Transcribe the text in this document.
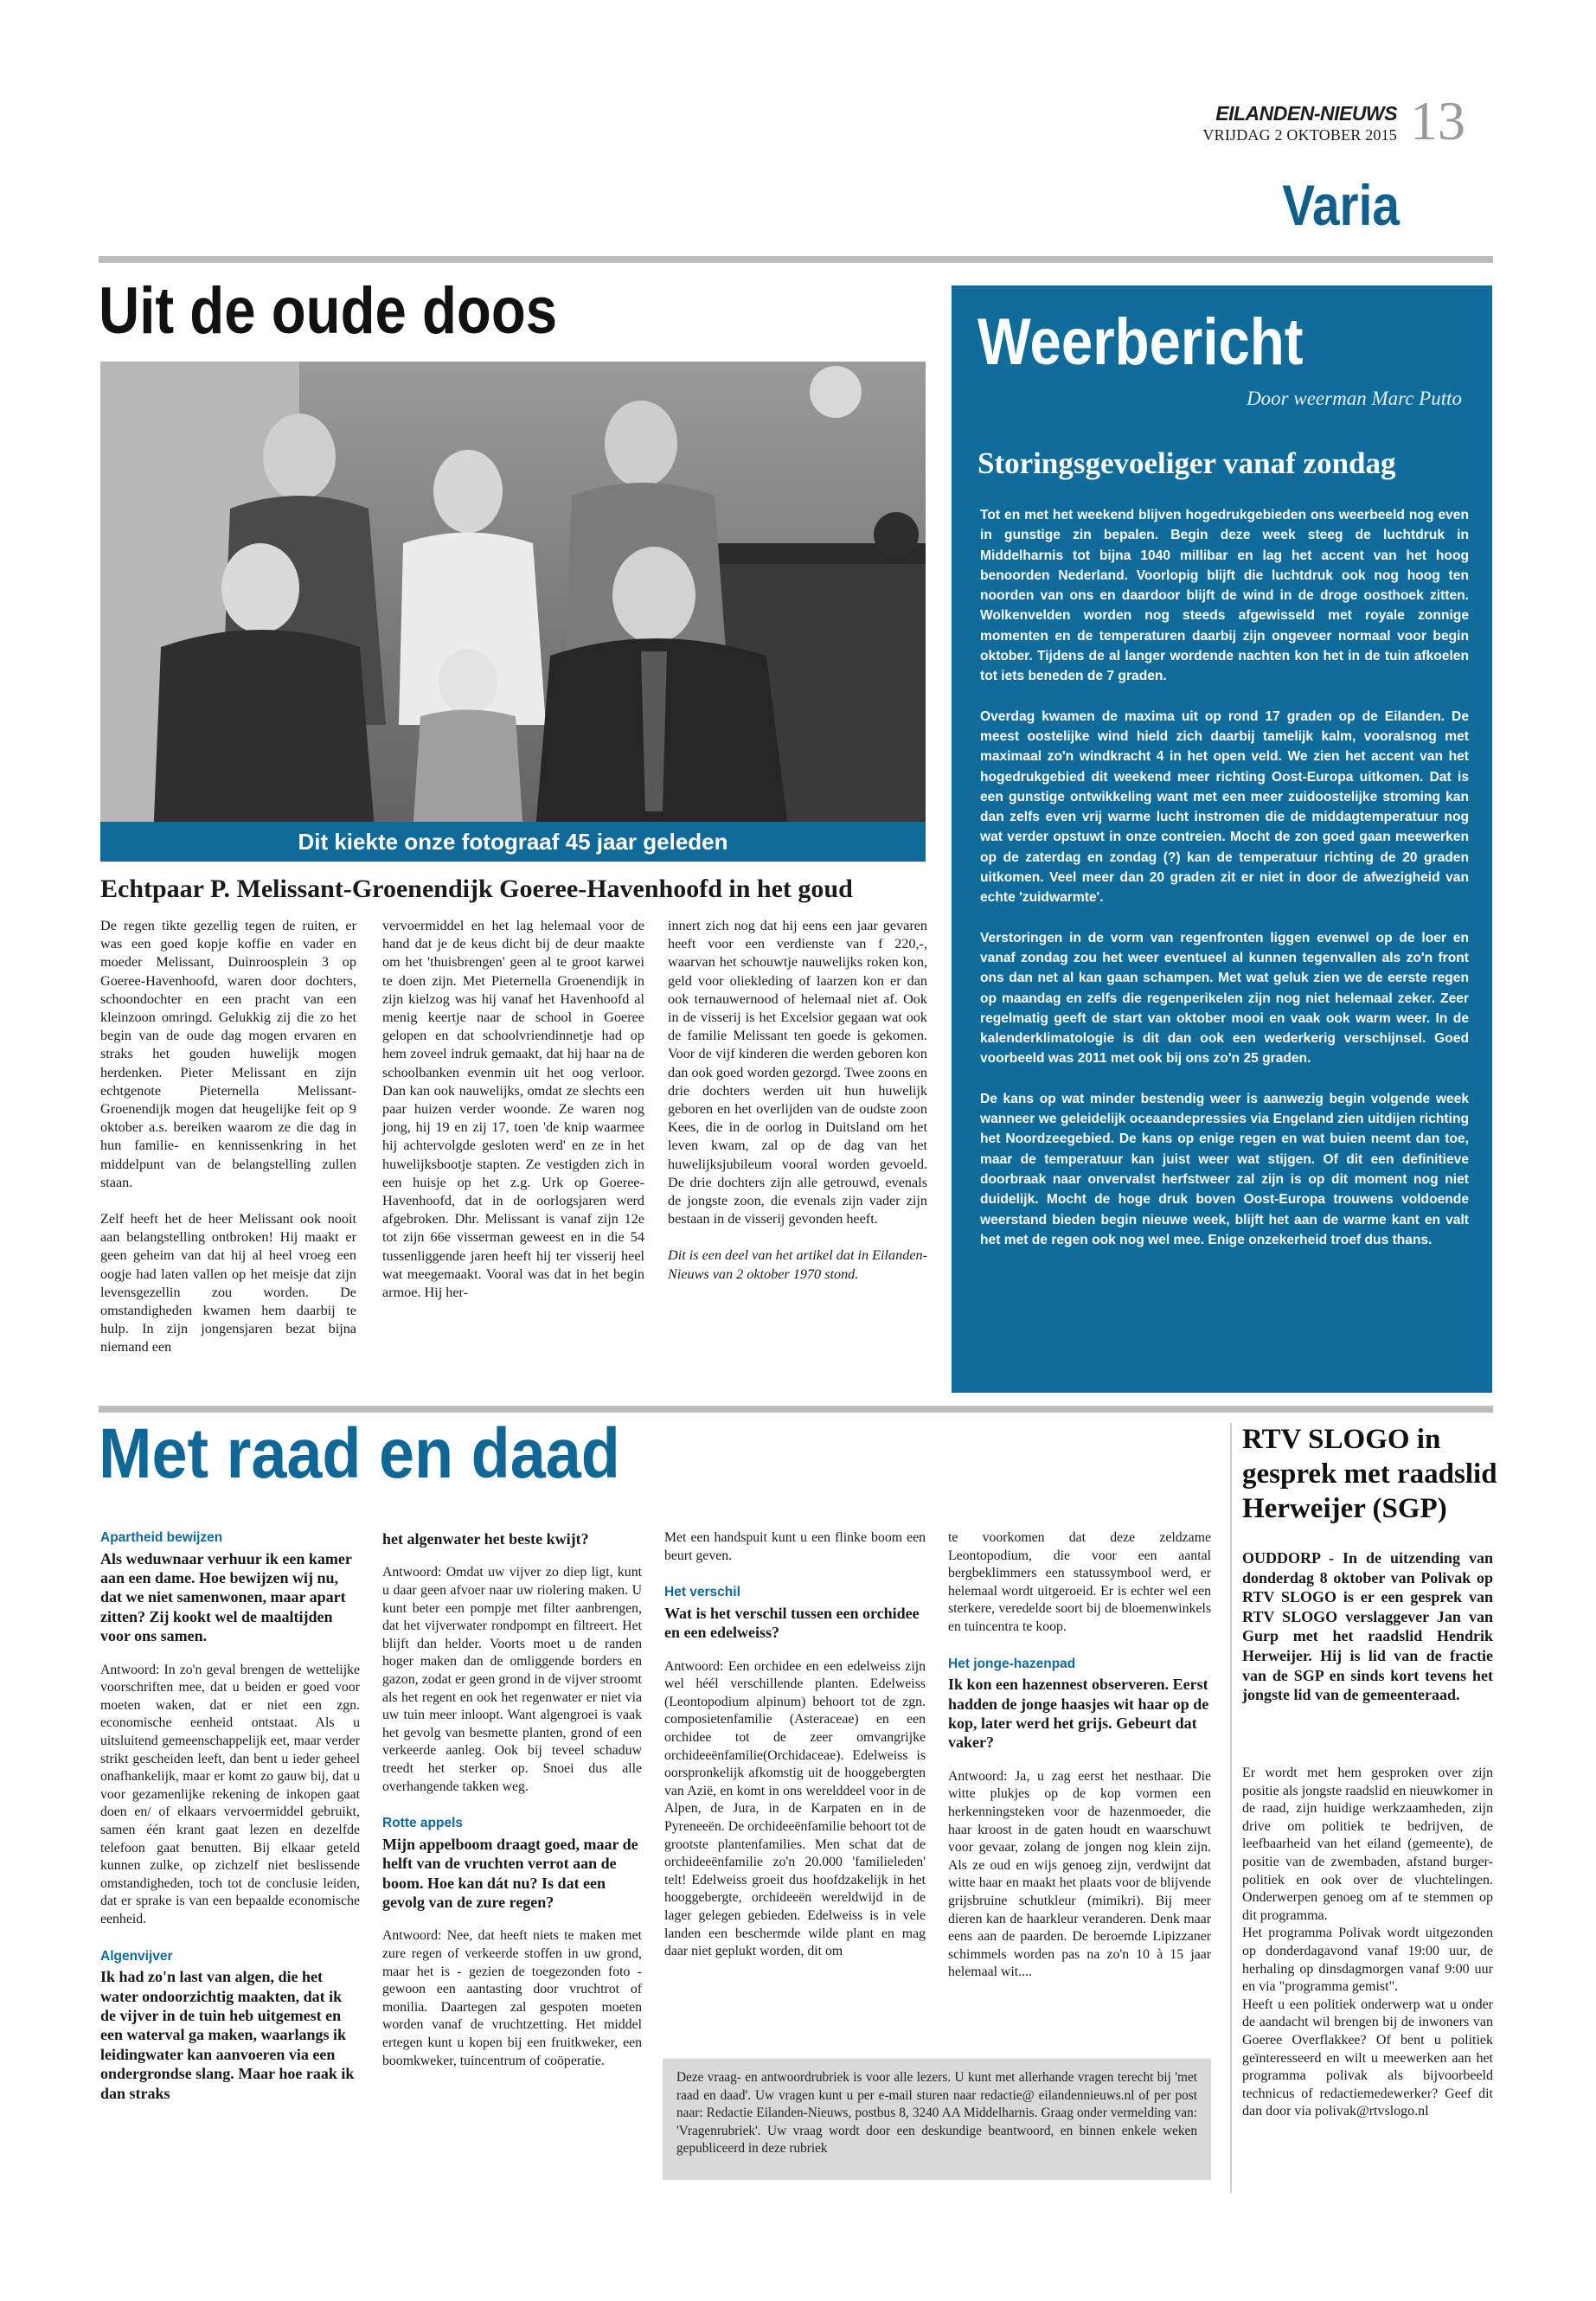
EILANDEN-NIEUWS
VRIJDAG 2 OKTOBER 2015 13
Varia
Uit de oude doos
Dit kiekte onze fotograaf 45 jaar geleden
Echtpaar P. Melissant-Groenendijk Goeree-Havenhoofd in het goud

De regen tikte gezellig tegen de ruiten, er was een goed kopje koffie en vader en moeder Melissant, Duinroosplein 3 op Goeree-Havenhoofd, waren door dochters, schoondochter en een pracht van een kleinzoon omringd. Gelukkig zij die zo het begin van de oude dag mogen ervaren en straks het gouden huwelijk mogen herdenken. Pieter Melissant en zijn echtgenote Pieternella Melissant-Groenendijk mogen dat heugelijke feit op 9 oktober a.s. bereiken waarom ze die dag in hun familie- en kennissenkring in het middelpunt van de belangstelling zullen staan.

Zelf heeft het de heer Melissant ook nooit aan belangstelling ontbroken! Hij maakt er geen geheim van dat hij al heel vroeg een oogje had laten vallen op het meisje dat zijn levensgezellin zou worden. De omstandigheden kwamen hem daarbij te hulp. In zijn jongensjaren bezat bijna niemand een

vervoermiddel en het lag helemaal voor de hand dat je de keus dicht bij de deur maakte om het 'thuisbrengen' geen al te groot karwei te doen zijn. Met Pieternella Groenendijk in zijn kielzog was hij vanaf het Havenhoofd al menig keertje naar de school in Goeree gelopen en dat schoolvriendinnetje had op hem zoveel indruk gemaakt, dat hij haar na de schoolbanken evenmin uit het oog verloor. Dan kan ook nauwelijks, omdat ze slechts een paar huizen verder woonde. Ze waren nog jong, hij 19 en zij 17, toen 'de knip waarmee hij achtervolgde gesloten werd' en ze in het huwelijksbootje stapten. Ze vestigden zich in een huisje op het z.g. Urk op Goeree-Havenhoofd, dat in de oorlogsjaren werd afgebroken. Dhr. Melissant is vanaf zijn 12e tot zijn 66e visserman geweest en in die 54 tussenliggende jaren heeft hij ter visserij heel wat meegemaakt. Vooral was dat in het begin armoe. Hij her-

innert zich nog dat hij eens een jaar gevaren heeft voor een verdienste van f 220,-, waarvan het schouwtje nauwelijks roken kon, geld voor oliekleding of laarzen kon er dan ook ternauwernood of helemaal niet af. Ook in de visserij is het Excelsior gegaan wat ook de familie Melissant ten goede is gekomen. Voor de vijf kinderen die werden geboren kon dan ook goed worden gezorgd. Twee zoons en drie dochters werden uit hun huwelijk geboren en het overlijden van de oudste zoon Kees, die in de oorlog in Duitsland om het leven kwam, zal op de dag van het huwelijksjubileum vooral worden gevoeld. De drie dochters zijn alle getrouwd, evenals de jongste zoon, die evenals zijn vader zijn bestaan in de visserij gevonden heeft.

Dit is een deel van het artikel dat in Eilanden-Nieuws van 2 oktober 1970 stond.

Weerbericht
Door weerman Marc Putto
Storingsgevoeliger vanaf zondag

Tot en met het weekend blijven hogedrukgebieden ons weerbeeld nog even in gunstige zin bepalen. Begin deze week steeg de luchtdruk in Middelharnis tot bijna 1040 millibar en lag het accent van het hoog benoorden Nederland. Voorlopig blijft die luchtdruk ook nog hoog ten noorden van ons en daardoor blijft de wind in de droge oosthoek zitten. Wolkenvelden worden nog steeds afgewisseld met royale zonnige momenten en de temperaturen daarbij zijn ongeveer normaal voor begin oktober. Tijdens de al langer wordende nachten kon het in de tuin afkoelen tot iets beneden de 7 graden.

Overdag kwamen de maxima uit op rond 17 graden op de Eilanden. De meest oostelijke wind hield zich daarbij tamelijk kalm, vooralsnog met maximaal zo'n windkracht 4 in het open veld. We zien het accent van het hogedrukgebied dit weekend meer richting Oost-Europa uitkomen. Dat is een gunstige ontwikkeling want met een meer zuidoostelijke stroming kan dan zelfs even vrij warme lucht instromen die de middagtemperatuur nog wat verder opstuwt in onze contreien. Mocht de zon goed gaan meewerken op de zaterdag en zondag (?) kan de temperatuur richting de 20 graden uitkomen. Veel meer dan 20 graden zit er niet in door de afwezigheid van echte 'zuidwarmte'.

Verstoringen in de vorm van regenfronten liggen evenwel op de loer en vanaf zondag zou het weer eventueel al kunnen tegenvallen als zo'n front ons dan net al kan gaan schampen. Met wat geluk zien we de eerste regen op maandag en zelfs die regenperikelen zijn nog niet helemaal zeker. Zeer regelmatig geeft de start van oktober mooi en vaak ook warm weer. In de kalenderklimatologie is dit dan ook een wederkerig verschijnsel. Goed voorbeeld was 2011 met ook bij ons zo'n 25 graden.

De kans op wat minder bestendig weer is aanwezig begin volgende week wanneer we geleidelijk oceaandepressies via Engeland zien uitdijen richting het Noordzeegebied. De kans op enige regen en wat buien neemt dan toe, maar de temperatuur kan juist weer wat stijgen. Of dit een definitieve doorbraak naar onvervalst herfstweer zal zijn is op dit moment nog niet duidelijk. Mocht de hoge druk boven Oost-Europa trouwens voldoende weerstand bieden begin nieuwe week, blijft het aan de warme kant en valt het met de regen ook nog wel mee. Enige onzekerheid troef dus thans.

Met raad en daad
Apartheid bewijzen
Als weduwnaar verhuur ik een kamer aan een dame. Hoe bewijzen wij nu, dat we niet samenwonen, maar apart zitten? Zij kookt wel de maaltijden voor ons samen.
Antwoord: In zo'n geval brengen de wettelijke voorschriften mee, dat u beiden er goed voor moeten waken, dat er niet een zgn. economische eenheid ontstaat. Als u uitsluitend gemeenschappelijk eet, maar verder strikt gescheiden leeft, dan bent u ieder geheel onafhankelijk, maar er komt zo gauw bij, dat u voor gezamenlijke rekening de inkopen gaat doen en/ of elkaars vervoermiddel gebruikt, samen één krant gaat lezen en dezelfde telefoon gaat benutten. Bij elkaar geteld kunnen zulke, op zichzelf niet beslissende omstandigheden, toch tot de conclusie leiden, dat er sprake is van een bepaalde economische eenheid.
Algenvijver
Ik had zo'n last van algen, die het water ondoorzichtig maakten, dat ik de vijver in de tuin heb uitgemest en een waterval ga maken, waarlangs ik leidingwater kan aanvoeren via een ondergrondse slang. Maar hoe raak ik dan straks
het algenwater het beste kwijt?
Antwoord: Omdat uw vijver zo diep ligt, kunt u daar geen afvoer naar uw riolering maken. U kunt beter een pompje met filter aanbrengen, dat het vijverwater rondpompt en filtreert. Het blijft dan helder. Voorts moet u de randen hoger maken dan de omliggende borders en gazon, zodat er geen grond in de vijver stroomt als het regent en ook het regenwater er niet via uw tuin meer inloopt. Want algengroei is vaak het gevolg van besmette planten, grond of een verkeerde aanleg. Ook bij teveel schaduw treedt het sterker op. Snoei dus alle overhangende takken weg.
Rotte appels
Mijn appelboom draagt goed, maar de helft van de vruchten verrot aan de boom. Hoe kan dát nu? Is dat een gevolg van de zure regen?
Antwoord: Nee, dat heeft niets te maken met zure regen of verkeerde stoffen in uw grond, maar het is - gezien de toegezonden foto - gewoon een aantasting door vruchtrot of monilia. Daartegen zal gespoten moeten worden vanaf de vruchtzetting. Het middel ertegen kunt u kopen bij een fruitkweker, een boomkweker, tuincentrum of coöperatie.
Met een handspuit kunt u een flinke boom een beurt geven.
Het verschil
Wat is het verschil tussen een orchidee en een edelweiss?
Antwoord: Een orchidee en een edelweiss zijn wel héél verschillende planten. Edelweiss (Leontopodium alpinum) behoort tot de zgn. composietenfamilie (Asteraceae) en een orchidee tot de zeer omvangrijke orchideeënfamilie(Orchidaceae). Edelweiss is oorspronkelijk afkomstig uit de hooggebergten van Azië, en komt in ons werelddeel voor in de Alpen, de Jura, in de Karpaten en in de Pyreneeën. De orchideeënfamilie behoort tot de grootste plantenfamilies. Men schat dat de orchideeënfamilie zo'n 20.000 'familieleden' telt! Edelweiss groeit dus hoofdzakelijk in het hooggebergte, orchideeën wereldwijd in de lager gelegen gebieden. Edelweiss is in vele landen een beschermde wilde plant en mag daar niet geplukt worden, dit om
te voorkomen dat deze zeldzame Leontopodium, die voor een aantal bergbeklimmers een statussymbool werd, er helemaal wordt uitgeroeid. Er is echter wel een sterkere, veredelde soort bij de bloemenwinkels en tuincentra te koop.
Het jonge-hazenpad
Ik kon een hazennest observeren. Eerst hadden de jonge haasjes wit haar op de kop, later werd het grijs. Gebeurt dat vaker?
Antwoord: Ja, u zag eerst het nesthaar. Die witte plukjes op de kop vormen een herkenningsteken voor de hazenmoeder, die haar kroost in de gaten houdt en waarschuwt voor gevaar, zolang de jongen nog klein zijn. Als ze oud en wijs genoeg zijn, verdwijnt dat witte haar en maakt het plaats voor de blijvende grijsbruine schutkleur (mimikri). Bij meer dieren kan de haarkleur veranderen. Denk maar eens aan de paarden. De beroemde Lipizzaner schimmels worden pas na zo'n 10 à 15 jaar helemaal wit....
Deze vraag- en antwoordrubriek is voor alle lezers. U kunt met allerhande vragen terecht bij 'met raad en daad'. Uw vragen kunt u per e-mail sturen naar redactie@ eilandennieuws.nl of per post naar: Redactie Eilanden-Nieuws, postbus 8, 3240 AA Middelharnis. Graag onder vermelding van: 'Vragenrubriek'. Uw vraag wordt door een deskundige beantwoord, en binnen enkele weken gepubliceerd in deze rubriek
RTV SLOGO in gesprek met raadslid Herweijer (SGP)
OUDDORP - In de uitzending van donderdag 8 oktober van Polivak op RTV SLOGO is er een gesprek van RTV SLOGO verslaggever Jan van Gurp met het raadslid Hendrik Herweijer. Hij is lid van de fractie van de SGP en sinds kort tevens het jongste lid van de gemeenteraad.
Er wordt met hem gesproken over zijn positie als jongste raadslid en nieuwkomer in de raad, zijn huidige werkzaamheden, zijn drive om politiek te bedrijven, de leefbaarheid van het eiland (gemeente), de positie van de zwembaden, afstand burger-politiek en ook over de vluchtelingen. Onderwerpen genoeg om af te stemmen op dit programma.
Het programma Polivak wordt uitgezonden op donderdagavond vanaf 19:00 uur, de herhaling op dinsdagmorgen vanaf 9:00 uur en via "programma gemist".
Heeft u een politiek onderwerp wat u onder de aandacht wil brengen bij de inwoners van Goeree Overflakkee? Of bent u politiek geïnteresseerd en wilt u meewerken aan het programma polivak als bijvoorbeeld technicus of redactiemedewerker? Geef dit dan door via polivak@rtvslogo.nl
